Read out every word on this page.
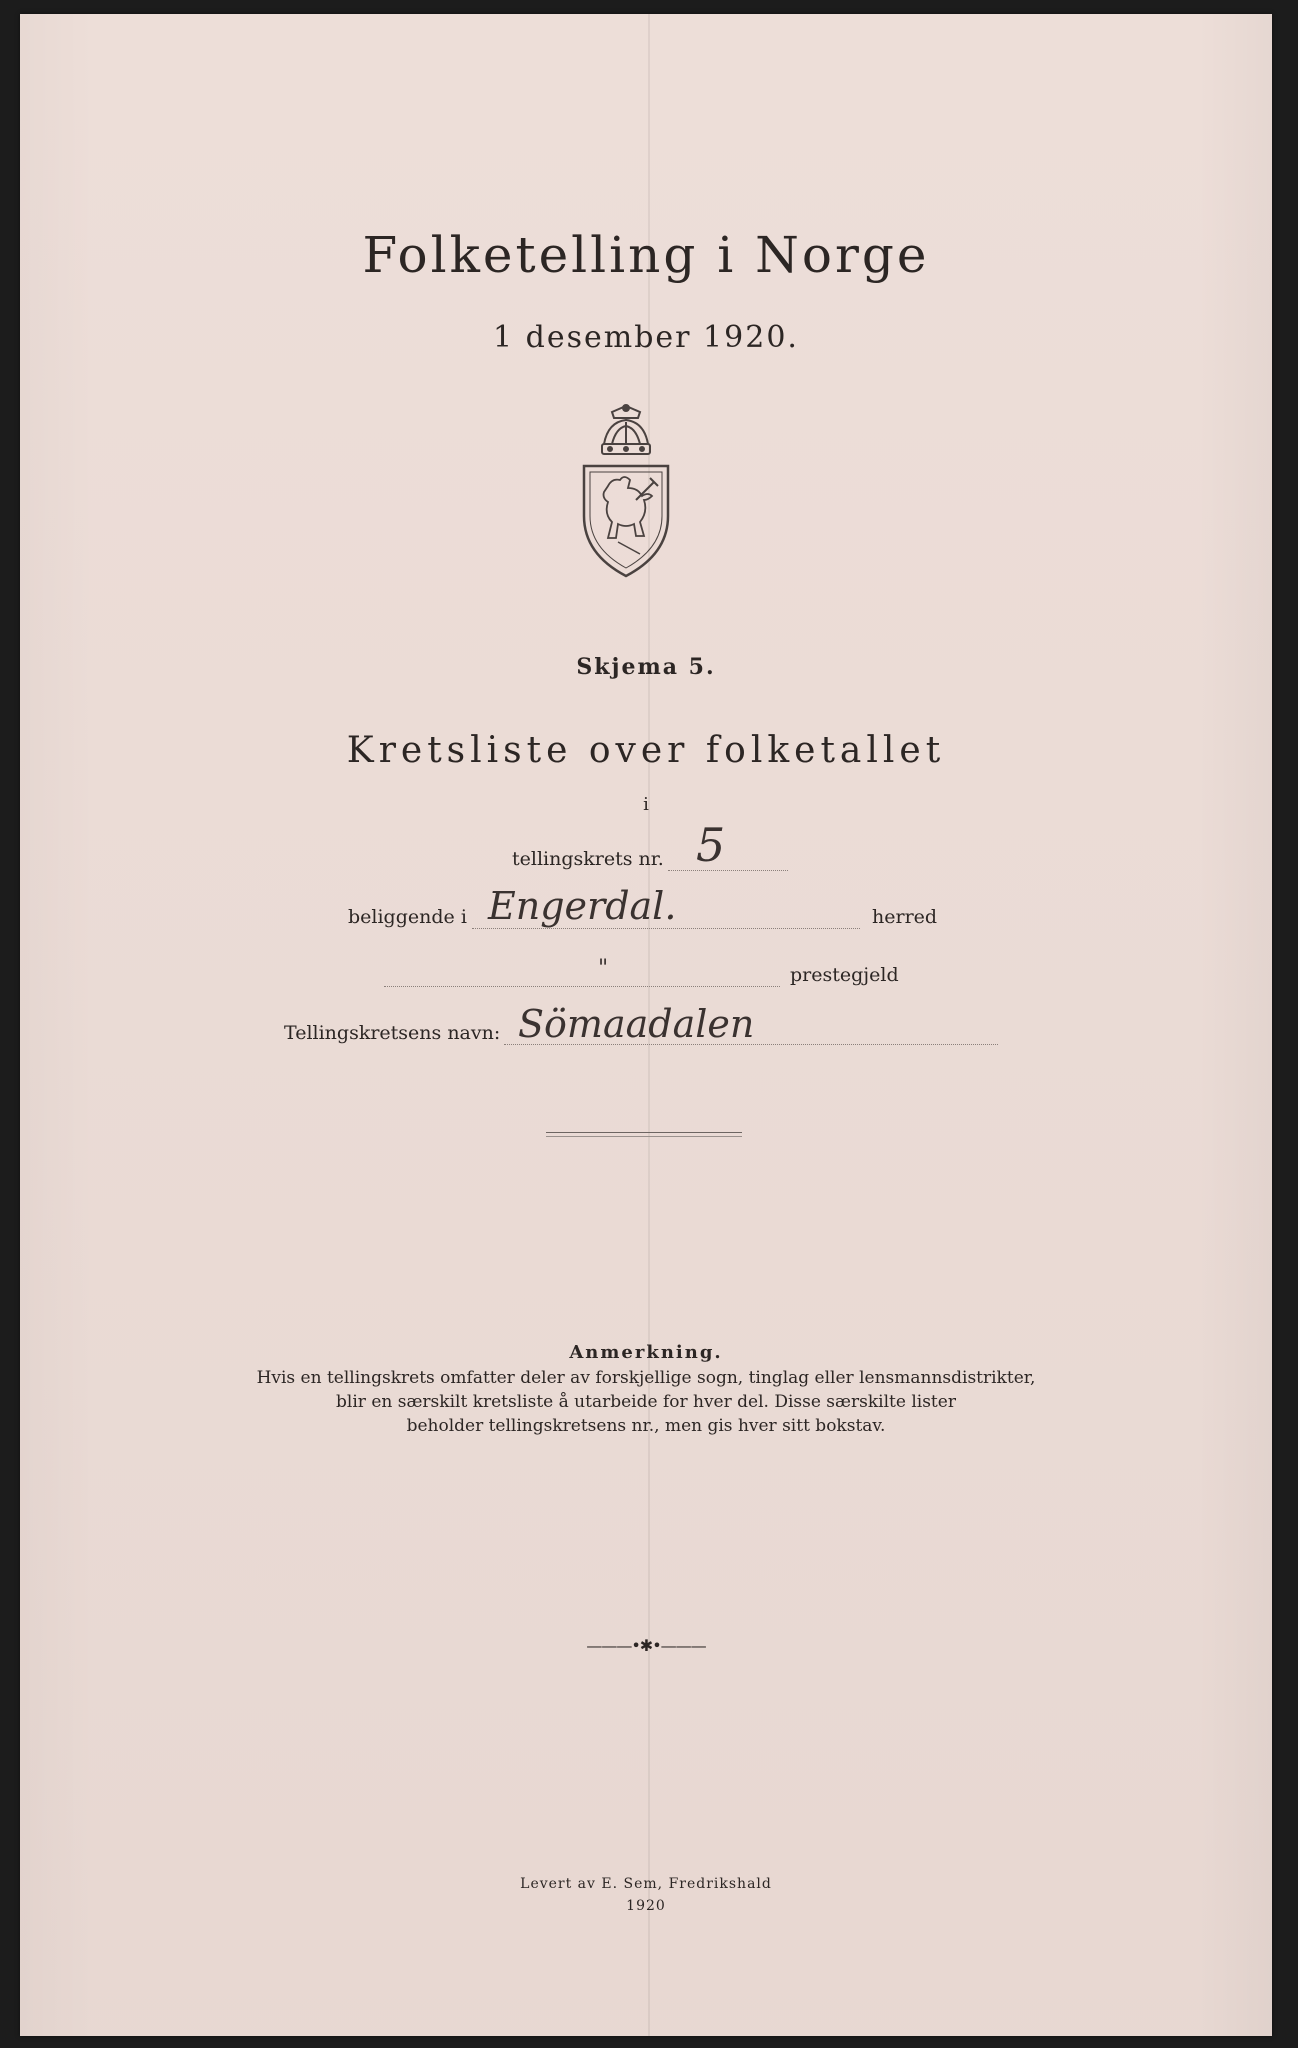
Folketelling i Norge
1 desember 1920.
Skjema 5.
Kretsliste over folketallet
i
tellingskrets nr. 5
beliggende i Engerdal.	herred
"	prestegjeld
Tellingskretsens navn: Sömaadalen
Anmerkning.
Hvis en tellingskrets omfatter deler av forskjellige sogn, tinglag eller lensmannsdistrikter,
blir en særskilt kretsliste å utarbeide for hver del. Disse særskilte lister
beholder tellingskretsens nr., men gis hver sitt bokstav.
———•✱•———
Levert av E. Sem, Fredrikshald
1920
